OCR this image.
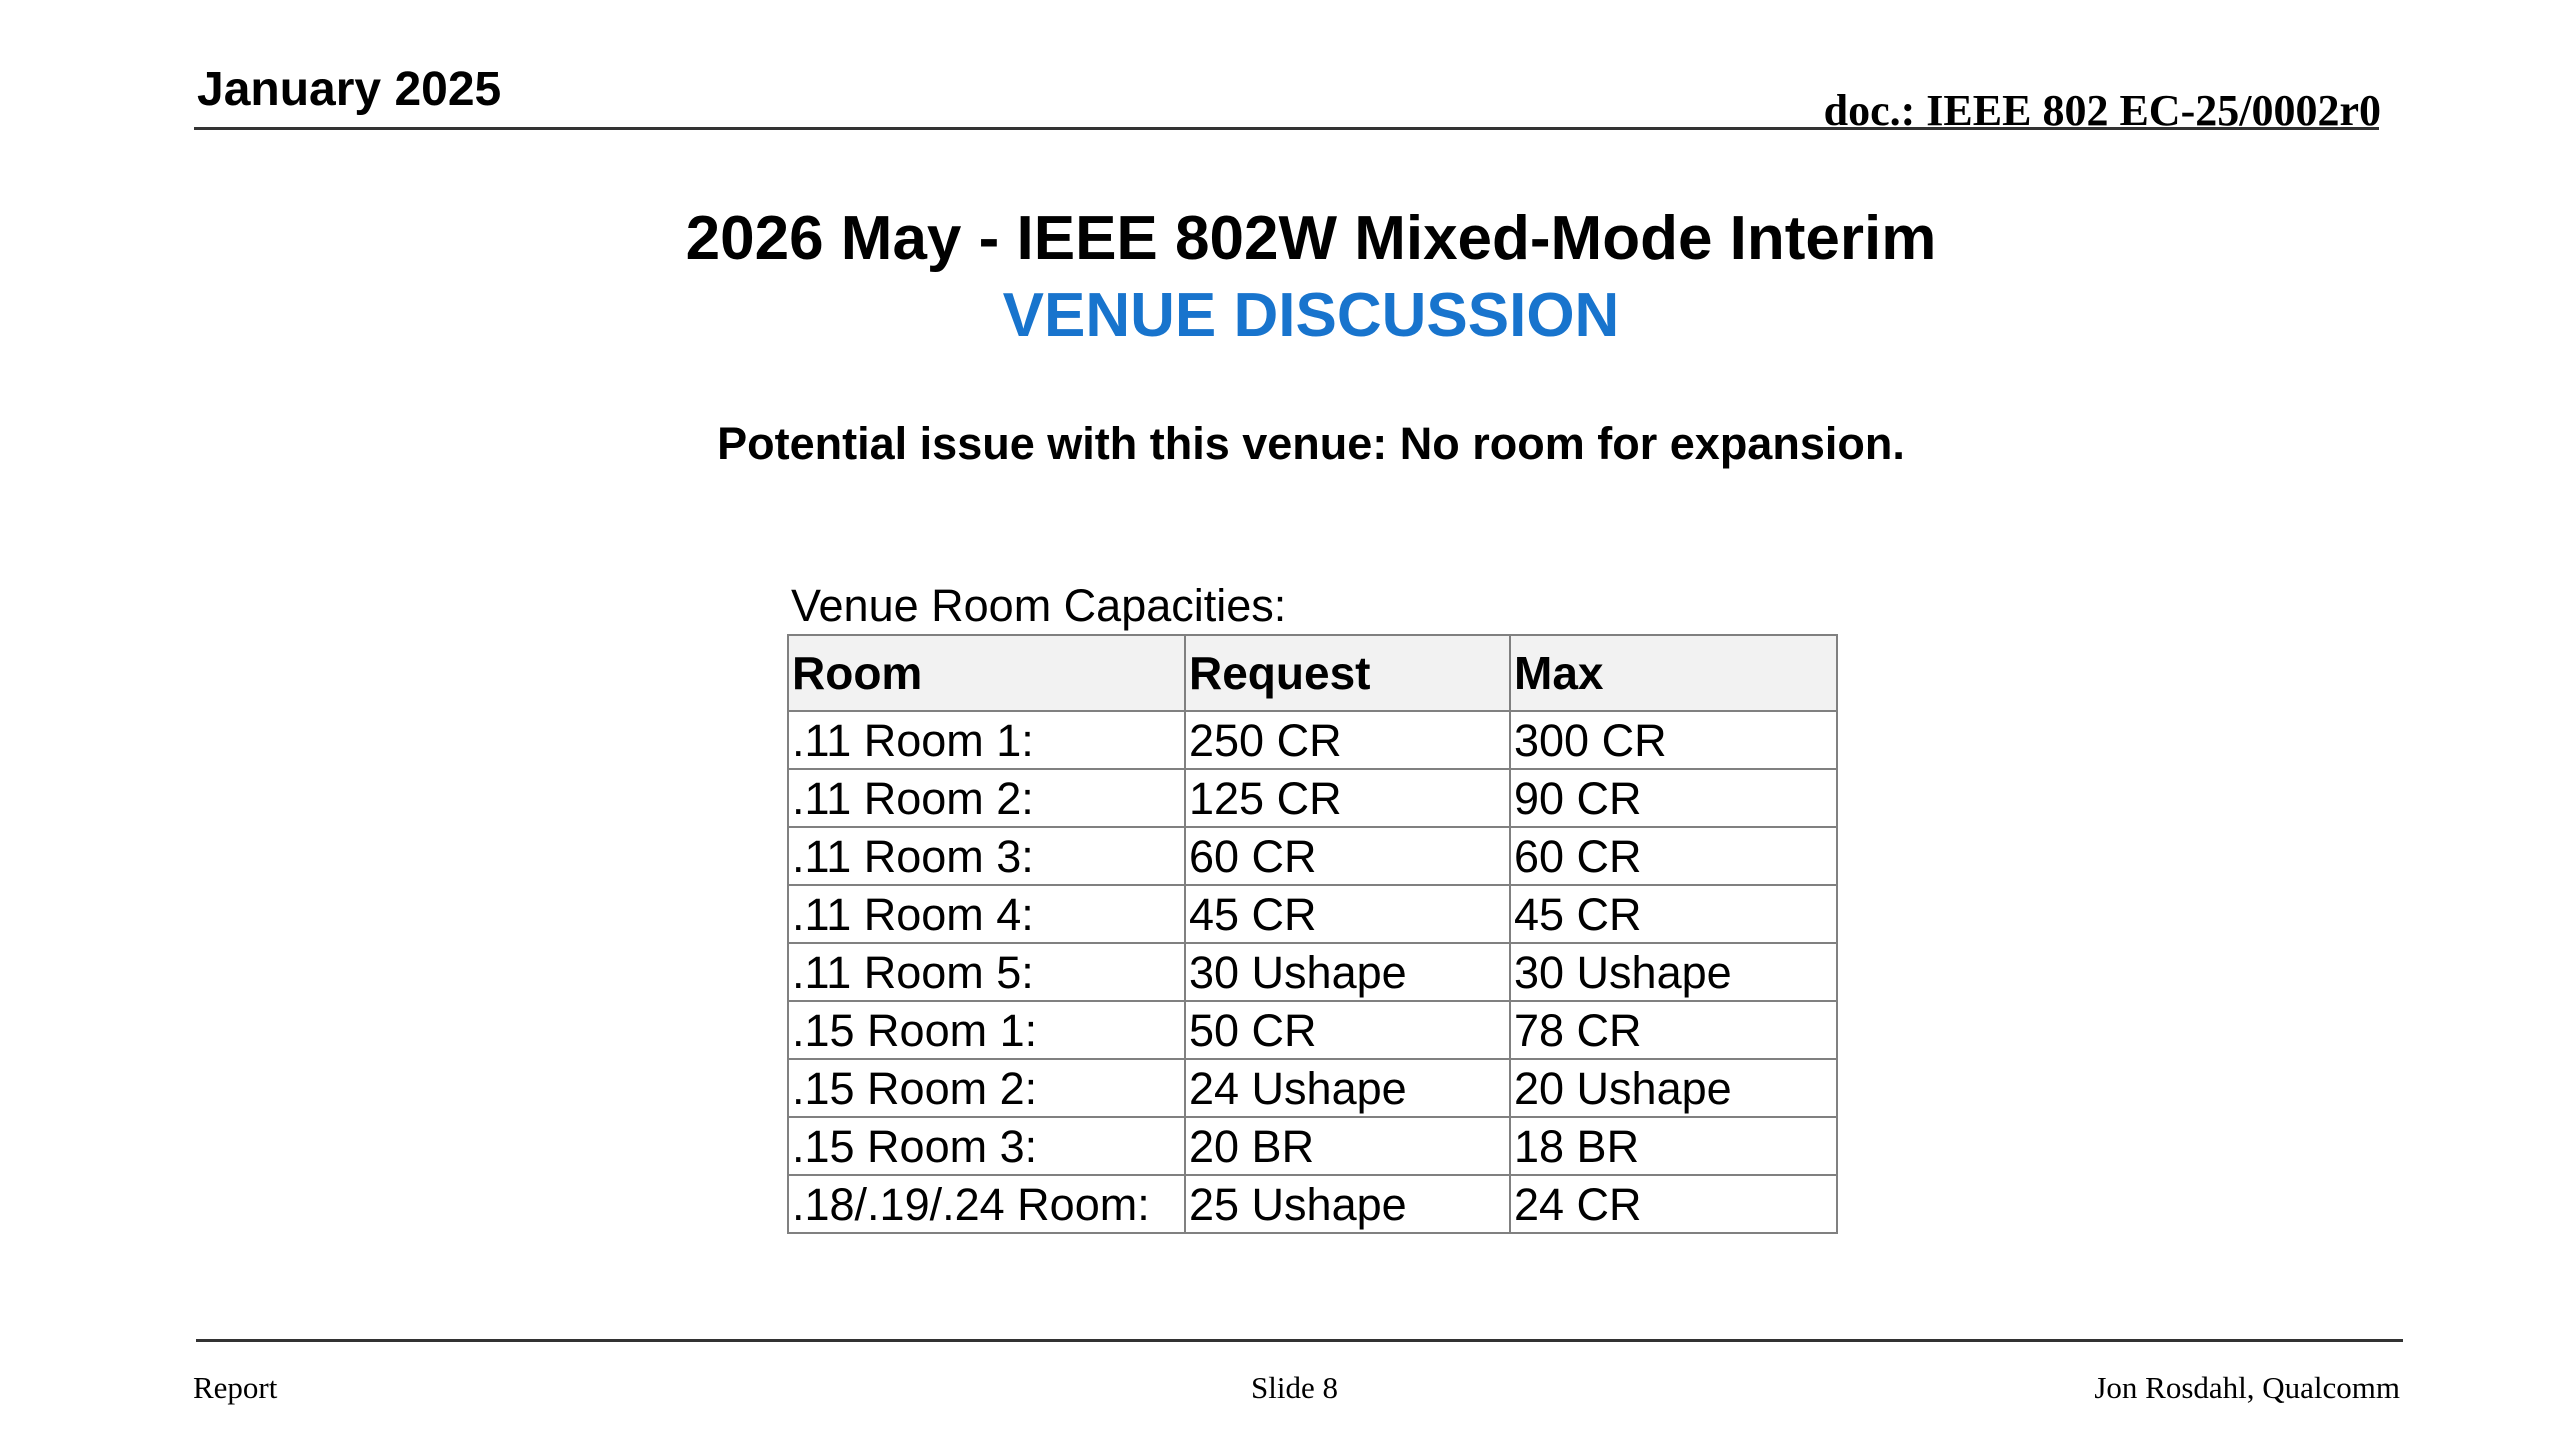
January 2025	doc.: IEEE 802 EC-25/0002r0
2026 May - IEEE 802W Mixed-Mode Interim
VENUE DISCUSSION
Potential issue with this venue: No room for expansion.
Venue Room Capacities:
Room	Request	Max
.11 Room 1:	250 CR	300 CR
.11 Room 2:	125 CR	90 CR
.11 Room 3:	60 CR	60 CR
.11 Room 4:	45 CR	45 CR
.11 Room 5:	30 Ushape	30 Ushape
.15 Room 1:	50 CR	78 CR
.15 Room 2:	24 Ushape	20 Ushape
.15 Room 3:	20 BR	18 BR
.18/.19/.24 Room:	25 Ushape	24 CR
Report	Slide 8	Jon Rosdahl, Qualcomm
